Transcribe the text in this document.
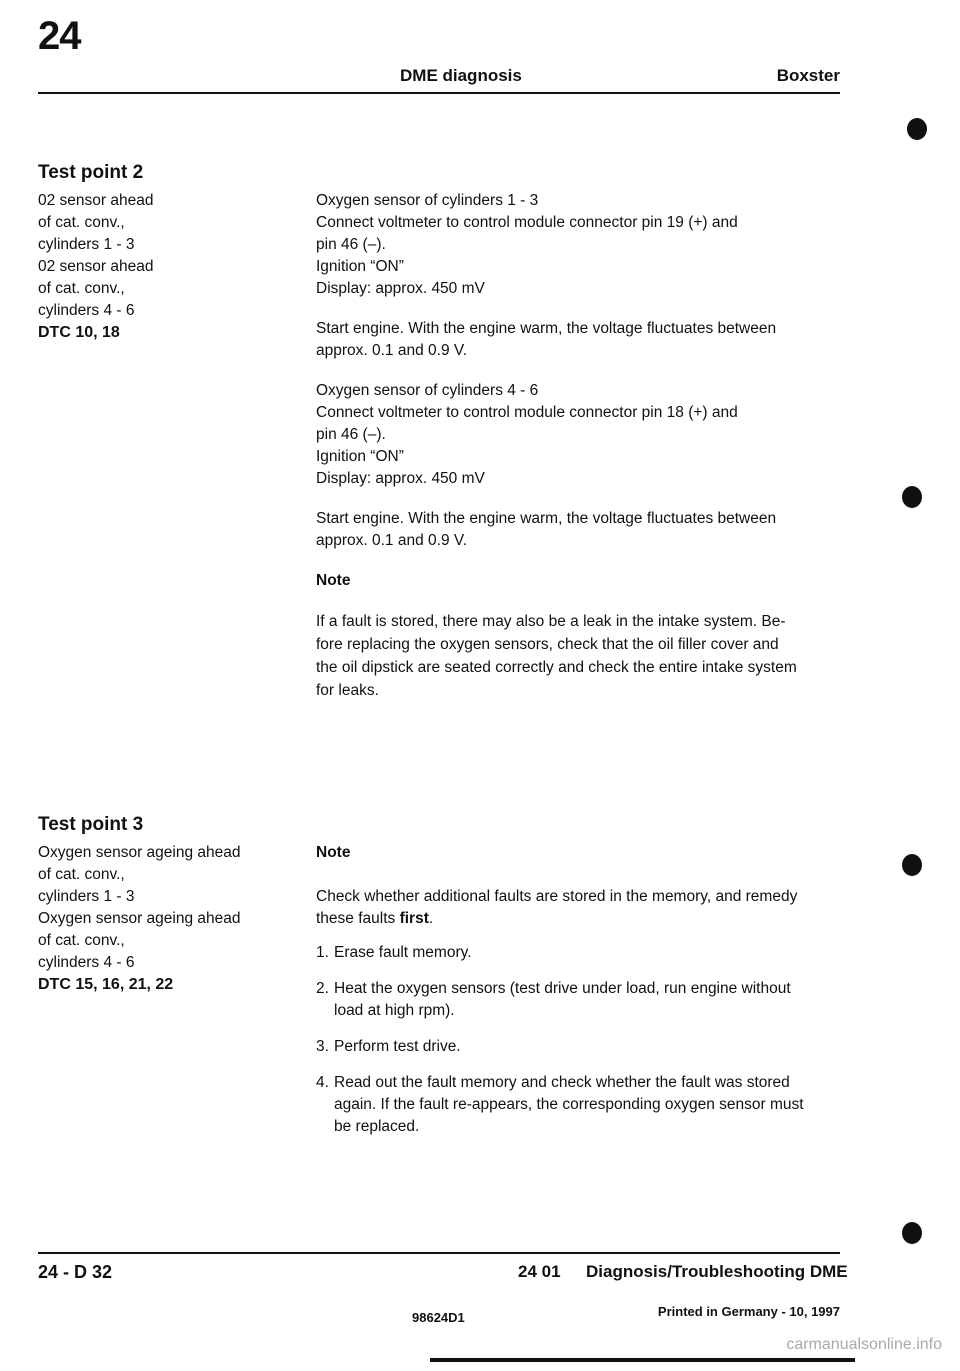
24
DME diagnosis	Boxster
Test point 2
02 sensor ahead
of cat. conv.,
cylinders 1 - 3
02 sensor ahead
of cat. conv.,
cylinders 4 - 6
DTC 10, 18
Oxygen sensor of cylinders 1 - 3
Connect voltmeter to control module connector pin 19 (+) and
pin 46 (–).
Ignition “ON”
Display: approx. 450 mV
Start engine. With the engine warm, the voltage fluctuates between
approx. 0.1 and 0.9 V.
Oxygen sensor of cylinders 4 - 6
Connect voltmeter to control module connector pin 18 (+) and
pin 46 (–).
Ignition “ON”
Display: approx. 450 mV
Start engine. With the engine warm, the voltage fluctuates between
approx. 0.1 and 0.9 V.
Note
If a fault is stored, there may also be a leak in the intake system. Be-
fore replacing the oxygen sensors, check that the oil filler cover and
the oil dipstick are seated correctly and check the entire intake system
for leaks.
Test point 3
Oxygen sensor ageing ahead
of cat. conv.,
cylinders 1 - 3
Oxygen sensor ageing ahead
of cat. conv.,
cylinders 4 - 6
DTC 15, 16, 21, 22
Note
Check whether additional faults are stored in the memory, and remedy
these faults first.
1. Erase fault memory.
2. Heat the oxygen sensors (test drive under load, run engine without
load at high rpm).
3. Perform test drive.
4. Read out the fault memory and check whether the fault was stored
again. If the fault re-appears, the corresponding oxygen sensor must
be replaced.
24 - D 32	24 01 Diagnosis/Troubleshooting DME
98624D1	Printed in Germany - 10, 1997
carmanualsonline.info
